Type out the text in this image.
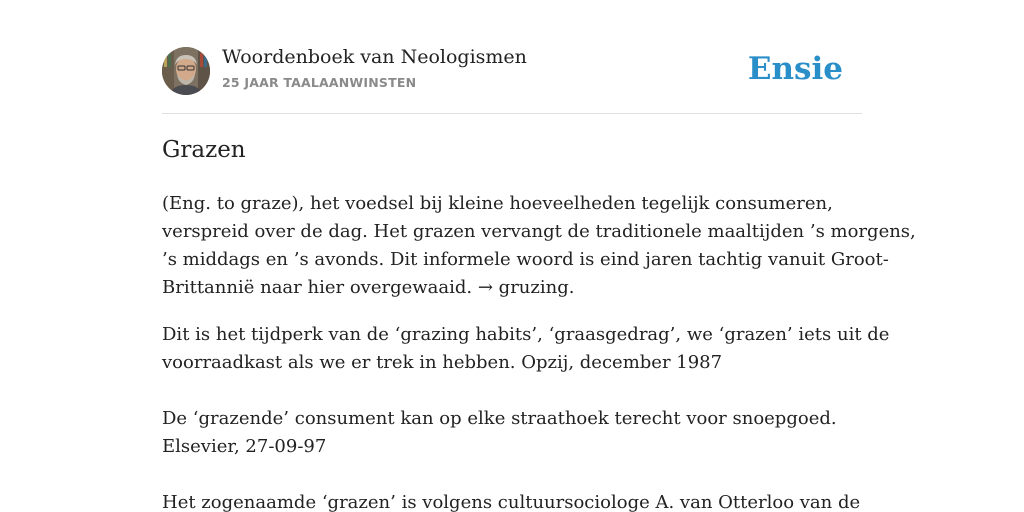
Woordenboek van Neologismen
25 JAAR TAALAANWINSTEN	Ensie
Grazen

(Eng. to graze), het voedsel bij kleine hoeveelheden tegelijk consumeren,
verspreid over de dag. Het grazen vervangt de traditionele maaltijden ’s morgens,
’s middags en ’s avonds. Dit informele woord is eind jaren tachtig vanuit Groot-
Brittannië naar hier overgewaaid. → gruzing.

Dit is het tijdperk van de ‘grazing habits’, ‘graasgedrag’, we ‘grazen’ iets uit de
voorraadkast als we er trek in hebben. Opzij, december 1987

De ‘grazende’ consument kan op elke straathoek terecht voor snoepgoed.
Elsevier, 27-09-97

Het zogenaamde ‘grazen’ is volgens cultuursociologe A. van Otterloo van de
